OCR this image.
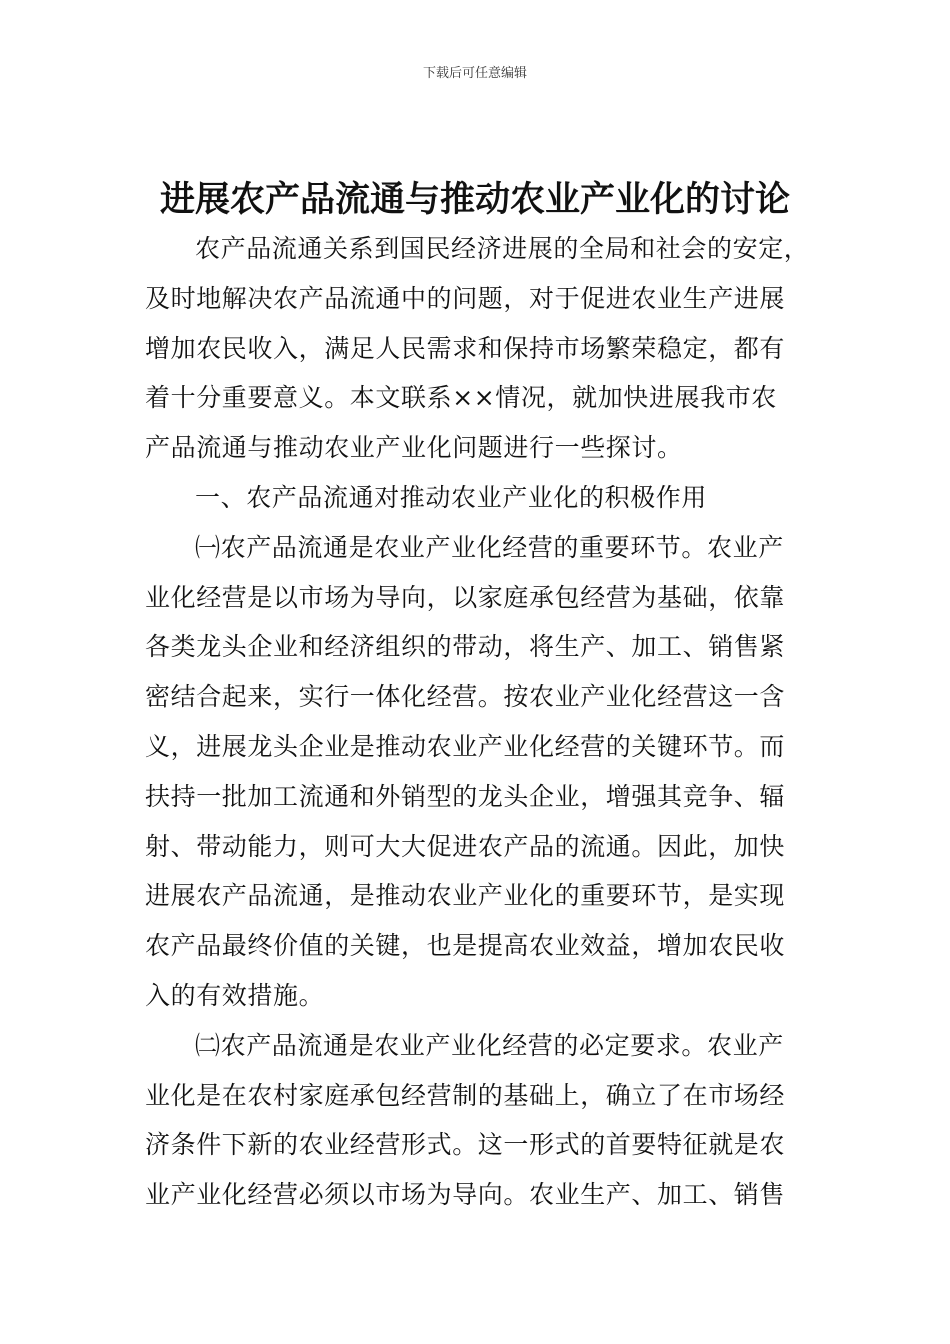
下载后可任意编辑
进展农产品流通与推动农业产业化的讨论
农产品流通关系到国民经济进展的全局和社会的安定，
及时地解决农产品流通中的问题，对于促进农业生产进展
增加农民收入，满足人民需求和保持市场繁荣稳定，都有
着十分重要意义。本文联系××情况，就加快进展我市农
产品流通与推动农业产业化问题进行一些探讨。
一、农产品流通对推动农业产业化的积极作用
㈠农产品流通是农业产业化经营的重要环节。农业产
业化经营是以市场为导向，以家庭承包经营为基础，依靠
各类龙头企业和经济组织的带动，将生产、加工、销售紧
密结合起来，实行一体化经营。按农业产业化经营这一含
义，进展龙头企业是推动农业产业化经营的关键环节。而
扶持一批加工流通和外销型的龙头企业，增强其竞争、辐
射、带动能力，则可大大促进农产品的流通。因此，加快
进展农产品流通，是推动农业产业化的重要环节，是实现
农产品最终价值的关键，也是提高农业效益，增加农民收
入的有效措施。
㈡农产品流通是农业产业化经营的必定要求。农业产
业化是在农村家庭承包经营制的基础上，确立了在市场经
济条件下新的农业经营形式。这一形式的首要特征就是农
业产业化经营必须以市场为导向。农业生产、加工、销售
